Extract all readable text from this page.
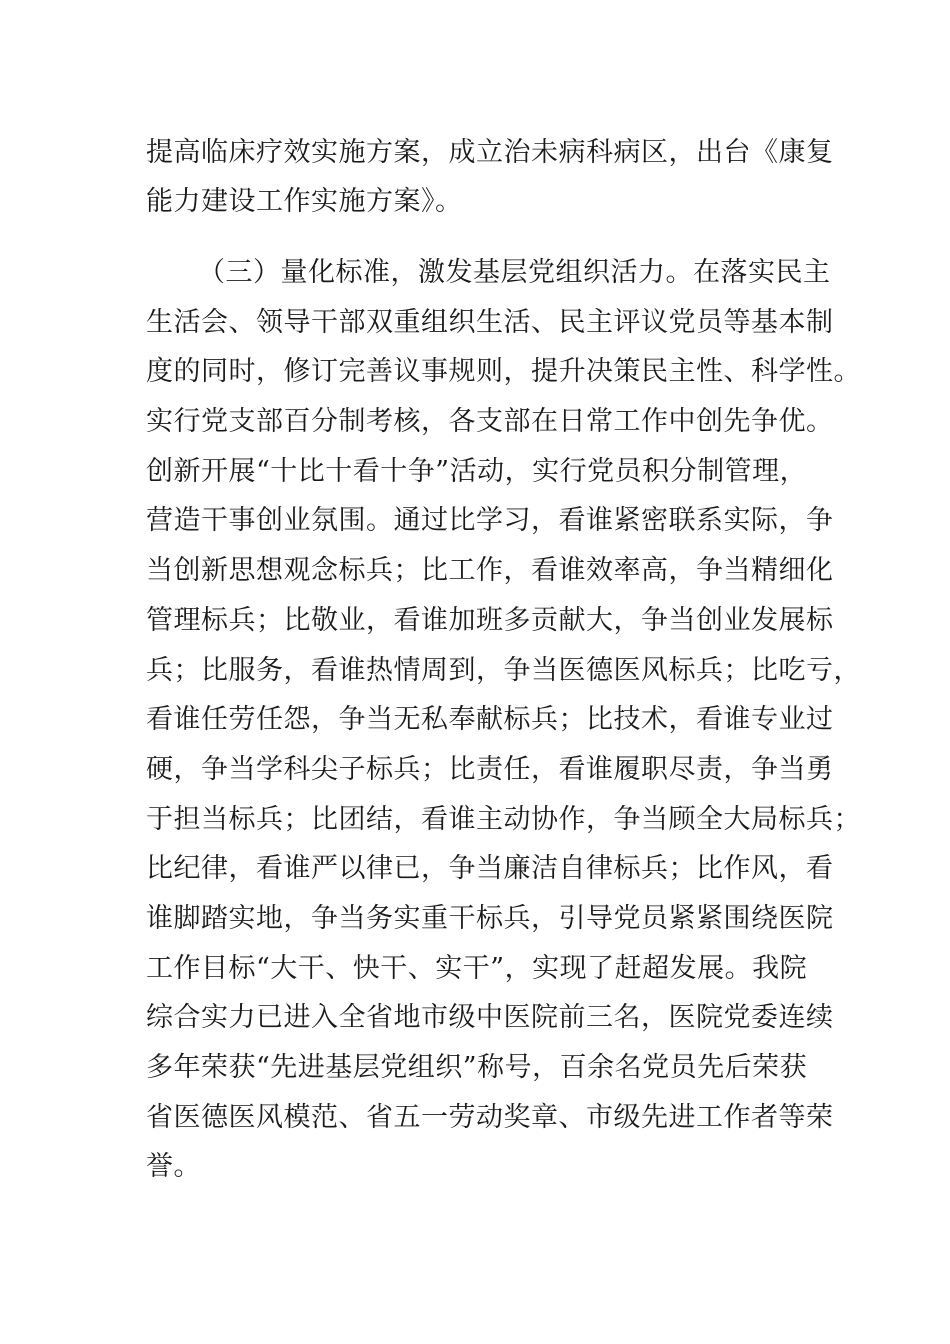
提高临床疗效实施方案，成立治未病科病区，出台《康复
能力建设工作实施方案》。
（三）量化标准，激发基层党组织活力。在落实民主
生活会、领导干部双重组织生活、民主评议党员等基本制
度的同时，修订完善议事规则，提升决策民主性、科学性。
实行党支部百分制考核，各支部在日常工作中创先争优。
创新开展“十比十看十争”活动，实行党员积分制管理，
营造干事创业氛围。通过比学习，看谁紧密联系实际，争
当创新思想观念标兵；比工作，看谁效率高，争当精细化
管理标兵；比敬业，看谁加班多贡献大，争当创业发展标
兵；比服务，看谁热情周到，争当医德医风标兵；比吃亏，
看谁任劳任怨，争当无私奉献标兵；比技术，看谁专业过
硬，争当学科尖子标兵；比责任，看谁履职尽责，争当勇
于担当标兵；比团结，看谁主动协作，争当顾全大局标兵；
比纪律，看谁严以律已，争当廉洁自律标兵；比作风，看
谁脚踏实地，争当务实重干标兵，引导党员紧紧围绕医院
工作目标“大干、快干、实干”，实现了赶超发展。我院
综合实力已进入全省地市级中医院前三名，医院党委连续
多年荣获“先进基层党组织”称号，百余名党员先后荣获
省医德医风模范、省五一劳动奖章、市级先进工作者等荣
誉。
